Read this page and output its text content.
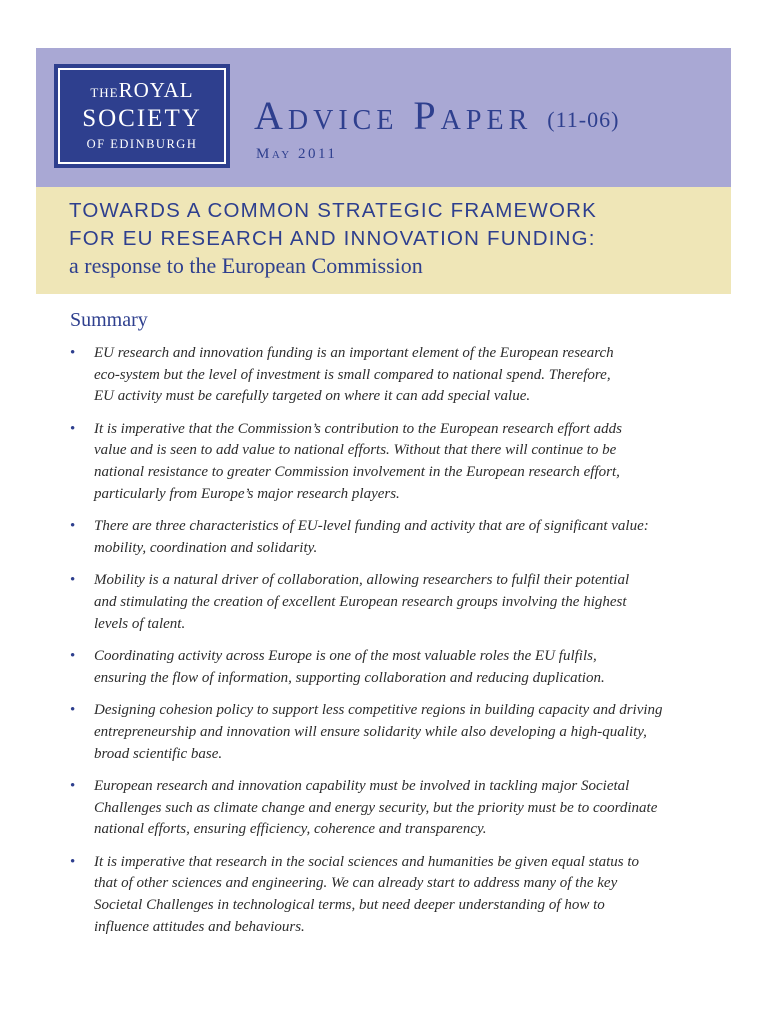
THEROYAL
SOCIETY
OF EDINBURGH
Advice Paper (11-06)
May 2011
TOWARDS A COMMON STRATEGIC FRAMEWORK
FOR EU RESEARCH AND INNOVATION FUNDING:
a response to the European Commission
Summary
• EU research and innovation funding is an important element of the European research
eco-system but the level of investment is small compared to national spend. Therefore,
EU activity must be carefully targeted on where it can add special value.
• It is imperative that the Commission’s contribution to the European research effort adds
value and is seen to add value to national efforts. Without that there will continue to be
national resistance to greater Commission involvement in the European research effort,
particularly from Europe’s major research players.
• There are three characteristics of EU-level funding and activity that are of significant value:
mobility, coordination and solidarity.
• Mobility is a natural driver of collaboration, allowing researchers to fulfil their potential
and stimulating the creation of excellent European research groups involving the highest
levels of talent.
• Coordinating activity across Europe is one of the most valuable roles the EU fulfils,
ensuring the flow of information, supporting collaboration and reducing duplication.
• Designing cohesion policy to support less competitive regions in building capacity and driving
entrepreneurship and innovation will ensure solidarity while also developing a high-quality,
broad scientific base.
• European research and innovation capability must be involved in tackling major Societal
Challenges such as climate change and energy security, but the priority must be to coordinate
national efforts, ensuring efficiency, coherence and transparency.
• It is imperative that research in the social sciences and humanities be given equal status to
that of other sciences and engineering. We can already start to address many of the key
Societal Challenges in technological terms, but need deeper understanding of how to
influence attitudes and behaviours.
